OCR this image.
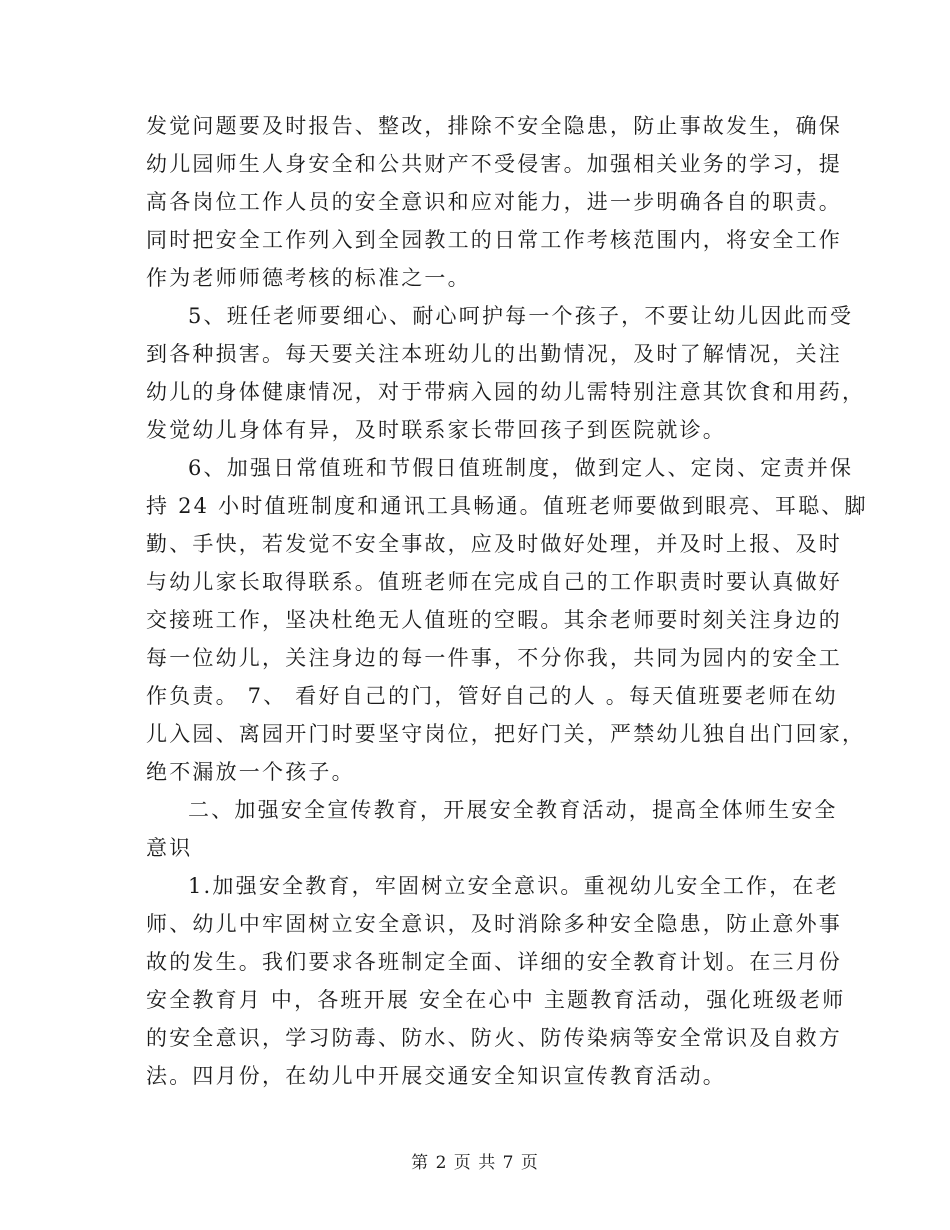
发觉问题要及时报告、整改，排除不安全隐患，防止事故发生，确保
幼儿园师生人身安全和公共财产不受侵害。加强相关业务的学习，提
高各岗位工作人员的安全意识和应对能力，进一步明确各自的职责。
同时把安全工作列入到全园教工的日常工作考核范围内，将安全工作
作为老师师德考核的标准之一。
5、班任老师要细心、耐心呵护每一个孩子，不要让幼儿因此而受
到各种损害。每天要关注本班幼儿的出勤情况，及时了解情况，关注
幼儿的身体健康情况，对于带病入园的幼儿需特别注意其饮食和用药，
发觉幼儿身体有异，及时联系家长带回孩子到医院就诊。
6、加强日常值班和节假日值班制度，做到定人、定岗、定责并保
持 24 小时值班制度和通讯工具畅通。值班老师要做到眼亮、耳聪、脚
勤、手快，若发觉不安全事故，应及时做好处理，并及时上报、及时
与幼儿家长取得联系。值班老师在完成自己的工作职责时要认真做好
交接班工作，坚决杜绝无人值班的空暇。其余老师要时刻关注身边的
每一位幼儿，关注身边的每一件事，不分你我，共同为园内的安全工
作负责。 7、 看好自己的门，管好自己的人 。每天值班要老师在幼
儿入园、离园开门时要坚守岗位，把好门关，严禁幼儿独自出门回家，
绝不漏放一个孩子。
二、加强安全宣传教育，开展安全教育活动，提高全体师生安全
意识
1.加强安全教育，牢固树立安全意识。重视幼儿安全工作，在老
师、幼儿中牢固树立安全意识，及时消除多种安全隐患，防止意外事
故的发生。我们要求各班制定全面、详细的安全教育计划。在三月份
安全教育月 中，各班开展 安全在心中 主题教育活动，强化班级老师
的安全意识，学习防毒、防水、防火、防传染病等安全常识及自救方
法。四月份，在幼儿中开展交通安全知识宣传教育活动。
第 2 页 共 7 页
